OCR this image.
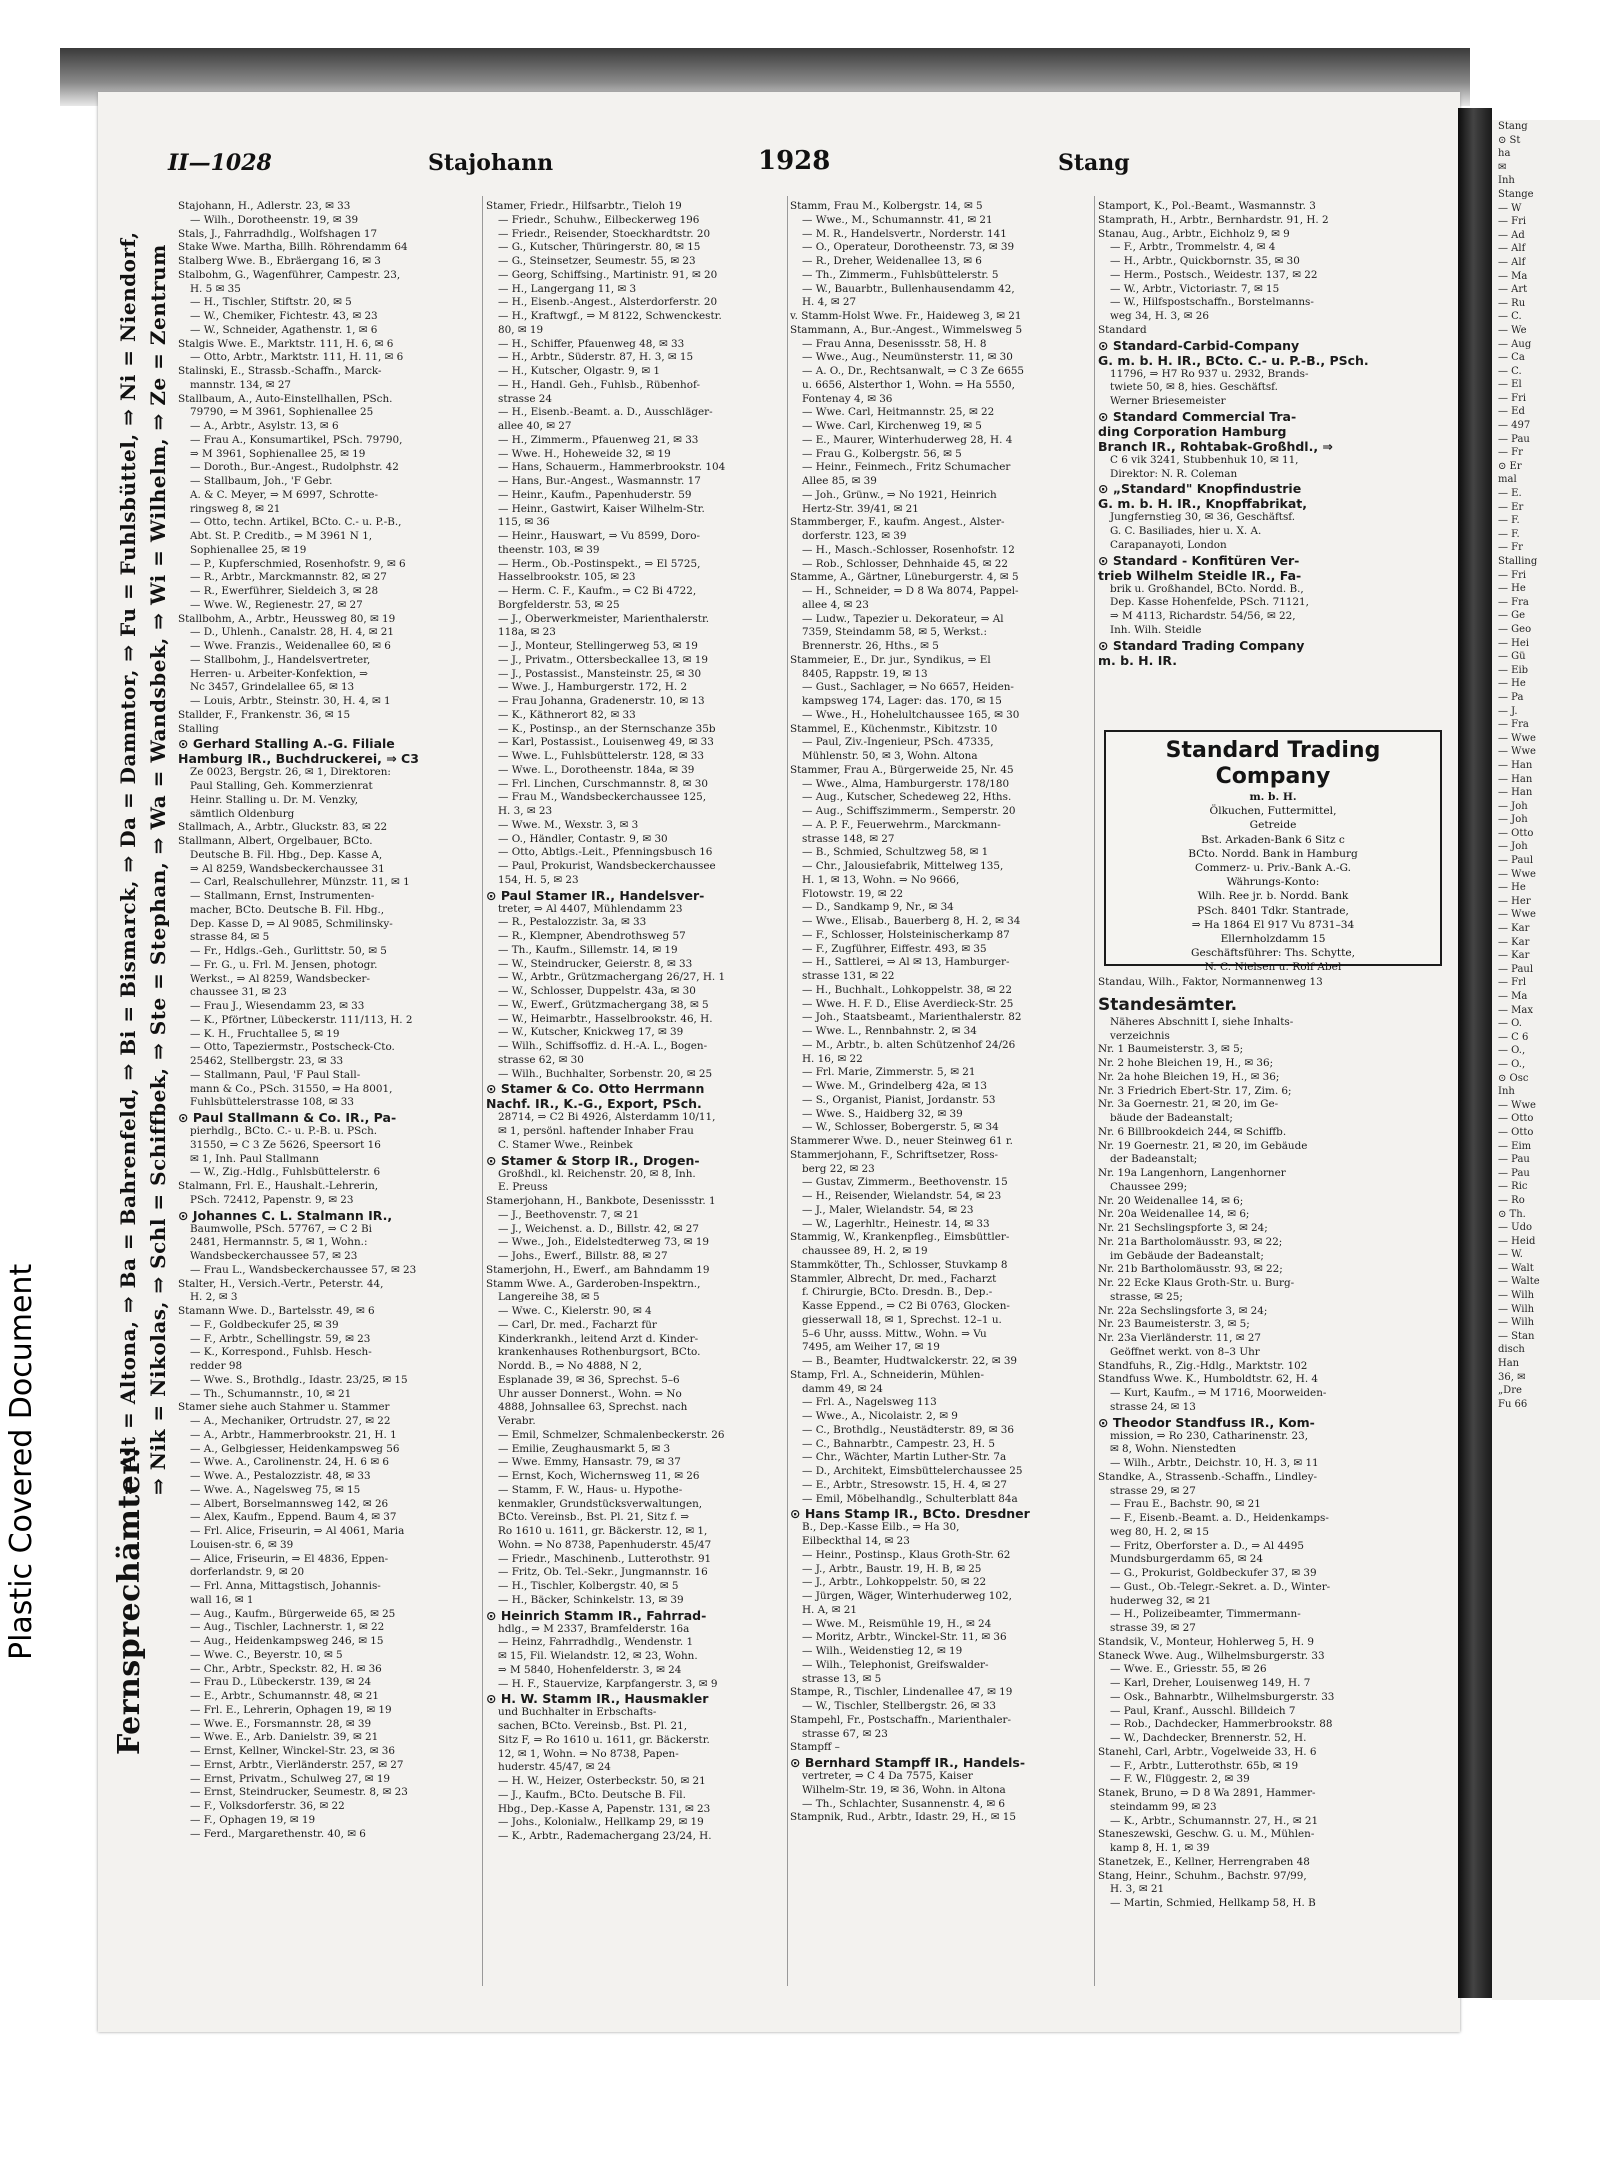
Stang
⊙ St
ha
✉
Inh
Stange
— W
— Fri
— Ad
— Alf
— Alf
— Ma
— Art
— Ru
— C.
— We
— Aug
— Ca
— C.
— El
— Fri
— Ed
— 497
— Pau
— Fr
⊙ Er
mal
— E.
— Er
— F.
— F.
— Fr
Stalling
— Fri
— He
— Fra
— Ge
— Geo
— Hei
— Gü
— Eib
— He
— Pa
— J.
— Fra
— Wwe
— Wwe
— Han
— Han
— Han
— Joh
— Joh
— Otto
— Joh
— Paul
— Wwe
— He
— Her
— Wwe
— Kar
— Kar
— Kar
— Paul
— Frl
— Ma
— Max
— O.
— C 6
— O.,
— O.,
⊙ Osc
Inh
— Wwe
— Otto
— Otto
— Eim
— Pau
— Pau
— Ric
— Ro
⊙ Th.
— Udo
— Heid
— W.
— Walt
— Walte
— Wilh
— Wilh
— Wilh
— Stan
disch
Han
36, ✉
„Dre
Fu 66
Plastic Covered Document Fernsprechämter:
⇒ Alt = Altona, ⇒ Ba = Bahrenfeld, ⇒ Bi = Bismarck, ⇒ Da = Dammtor, ⇒ Fu = Fuhlsbüttel, ⇒ Ni = Niendorf, ⇒ Nik = Nikolas, ⇒ Schl = Schiffbek, ⇒ Ste = Stephan, ⇒ Wa = Wandsbek, ⇒ Wi = Wilhelm, ⇒ Ze = Zentrum
II—1028	Stajohann	1928	Stang
Stajohann, H., Adlerstr. 23, ✉ 33
— Wilh., Dorotheenstr. 19, ✉ 39
Stals, J., Fahrradhdlg., Wolfshagen 17
Stake Wwe. Martha, Billh. Röhrendamm 64
Stalberg Wwe. B., Ebräergang 16, ✉ 3
Stalbohm, G., Wagenführer, Campestr. 23,
H. 5 ✉ 35
— H., Tischler, Stiftstr. 20, ✉ 5
— W., Chemiker, Fichtestr. 43, ✉ 23
— W., Schneider, Agathenstr. 1, ✉ 6
Stalgis Wwe. E., Marktstr. 111, H. 6, ✉ 6
— Otto, Arbtr., Marktstr. 111, H. 11, ✉ 6
Stalinski, E., Strassb.-Schaffn., Marck-
mannstr. 134, ✉ 27
Stallbaum, A., Auto-Einstellhallen, PSch.
79790, ⇒ M 3961, Sophienallee 25
— A., Arbtr., Asylstr. 13, ✉ 6
— Frau A., Konsumartikel, PSch. 79790,
⇒ M 3961, Sophienallee 25, ✉ 19
— Doroth., Bur.-Angest., Rudolphstr. 42
— Stallbaum, Joh., 'F Gebr.
A. & C. Meyer, ⇒ M 6997, Schrotte-
ringsweg 8, ✉ 21
— Otto, techn. Artikel, BCto. C.- u. P.-B.,
Abt. St. P. Creditb., ⇒ M 3961 N 1,
Sophienallee 25, ✉ 19
— P., Kupferschmied, Rosenhofstr. 9, ✉ 6
— R., Arbtr., Marckmannstr. 82, ✉ 27
— R., Ewerführer, Sieldeich 3, ✉ 28
— Wwe. W., Regienestr. 27, ✉ 27
Stallbohm, A., Arbtr., Heussweg 80, ✉ 19
— D., Uhlenh., Canalstr. 28, H. 4, ✉ 21
— Wwe. Franzis., Weidenallee 60, ✉ 6
— Stallbohm, J., Handelsvertreter,
Herren- u. Arbeiter-Konfektion, ⇒
Nc 3457, Grindelallee 65, ✉ 13
— Louis, Arbtr., Steinstr. 30, H. 4, ✉ 1
Stallder, F., Frankenstr. 36, ✉ 15
Stalling
⊙ Gerhard Stalling A.-G. Filiale
Hamburg IR., Buchdruckerei, ⇒ C3
Ze 0023, Bergstr. 26, ✉ 1, Direktoren:
Paul Stalling, Geh. Kommerzienrat
Heinr. Stalling u. Dr. M. Venzky,
sämtlich Oldenburg
Stallmach, A., Arbtr., Gluckstr. 83, ✉ 22
Stallmann, Albert, Orgelbauer, BCto.
Deutsche B. Fil. Hbg., Dep. Kasse A,
⇒ Al 8259, Wandsbeckerchaussee 31
— Carl, Realschullehrer, Münzstr. 11, ✉ 1
— Stallmann, Ernst, Instrumenten-
macher, BCto. Deutsche B. Fil. Hbg.,
Dep. Kasse D, ⇒ Al 9085, Schmilinsky-
strasse 84, ✉ 5
— Fr., Hdlgs.-Geh., Gurlittstr. 50, ✉ 5
— Fr. G., u. Frl. M. Jensen, photogr.
Werkst., ⇒ Al 8259, Wandsbecker-
chaussee 31, ✉ 23
— Frau J., Wiesendamm 23, ✉ 33
— K., Pförtner, Lübeckerstr. 111/113, H. 2
— K. H., Fruchtallee 5, ✉ 19
— Otto, Tapeziermstr., Postscheck-Cto.
25462, Stellbergstr. 23, ✉ 33
— Stallmann, Paul, 'F Paul Stall-
mann & Co., PSch. 31550, ⇒ Ha 8001,
Fuhlsbüttelerstrasse 108, ✉ 33
⊙ Paul Stallmann & Co. IR., Pa-
pierhdlg., BCto. C.- u. P.-B. u. PSch.
31550, ⇒ C 3 Ze 5626, Speersort 16
✉ 1, Inh. Paul Stallmann
— W., Zig.-Hdlg., Fuhlsbüttelerstr. 6
Stalmann, Frl. E., Haushalt.-Lehrerin,
PSch. 72412, Papenstr. 9, ✉ 23
⊙ Johannes C. L. Stalmann IR.,
Baumwolle, PSch. 57767, ⇒ C 2 Bi
2481, Hermannstr. 5, ✉ 1, Wohn.:
Wandsbeckerchaussee 57, ✉ 23
— Frau L., Wandsbeckerchaussee 57, ✉ 23
Stalter, H., Versich.-Vertr., Peterstr. 44,
H. 2, ✉ 3
Stamann Wwe. D., Bartelsstr. 49, ✉ 6
— F., Goldbeckufer 25, ✉ 39
— F., Arbtr., Schellingstr. 59, ✉ 23
— K., Korrespond., Fuhlsb. Hesch-
redder 98
— Wwe. S., Brothdlg., Idastr. 23/25, ✉ 15
— Th., Schumannstr., 10, ✉ 21
Stamer siehe auch Stahmer u. Stammer
— A., Mechaniker, Ortrudstr. 27, ✉ 22
— A., Arbtr., Hammerbrookstr. 21, H. 1
— A., Gelbgiesser, Heidenkampsweg 56
— Wwe. A., Carolinenstr. 24, H. 6 ✉ 6
— Wwe. A., Pestalozzistr. 48, ✉ 33
— Wwe. A., Nagelsweg 75, ✉ 15
— Albert, Borselmannsweg 142, ✉ 26
— Alex, Kaufm., Eppend. Baum 4, ✉ 37
— Frl. Alice, Friseurin, ⇒ Al 4061, Maria
Louisen-str. 6, ✉ 39
— Alice, Friseurin, ⇒ El 4836, Eppen-
dorferlandstr. 9, ✉ 20
— Frl. Anna, Mittagstisch, Johannis-
wall 16, ✉ 1
— Aug., Kaufm., Bürgerweide 65, ✉ 25
— Aug., Tischler, Lachnerstr. 1, ✉ 22
— Aug., Heidenkampsweg 246, ✉ 15
— Wwe. C., Beyerstr. 10, ✉ 5
— Chr., Arbtr., Speckstr. 82, H. ✉ 36
— Frau D., Lübeckerstr. 139, ✉ 24
— E., Arbtr., Schumannstr. 48, ✉ 21
— Frl. E., Lehrerin, Ophagen 19, ✉ 19
— Wwe. E., Forsmannstr. 28, ✉ 39
— Wwe. E., Arb. Danielstr. 39, ✉ 21
— Ernst, Kellner, Winckel-Str. 23, ✉ 36
— Ernst, Arbtr., Vierländerstr. 257, ✉ 27
— Ernst, Privatm., Schulweg 27, ✉ 19
— Ernst, Steindrucker, Seumestr. 8, ✉ 23
— F., Volksdorferstr. 36, ✉ 22
— F., Ophagen 19, ✉ 19
— Ferd., Margarethenstr. 40, ✉ 6
Stamer, Friedr., Hilfsarbtr., Tieloh 19
— Friedr., Schuhw., Eilbeckerweg 196
— Friedr., Reisender, Stoeckhardtstr. 20
— G., Kutscher, Thüringerstr. 80, ✉ 15
— G., Steinsetzer, Seumestr. 55, ✉ 23
— Georg, Schiffsing., Martinistr. 91, ✉ 20
— H., Langergang 11, ✉ 3
— H., Eisenb.-Angest., Alsterdorferstr. 20
— H., Kraftwgf., ⇒ M 8122, Schwenckestr.
80, ✉ 19
— H., Schiffer, Pfauenweg 48, ✉ 33
— H., Arbtr., Süderstr. 87, H. 3, ✉ 15
— H., Kutscher, Olgastr. 9, ✉ 1
— H., Handl. Geh., Fuhlsb., Rübenhof-
strasse 24
— H., Eisenb.-Beamt. a. D., Ausschläger-
allee 40, ✉ 27
— H., Zimmerm., Pfauenweg 21, ✉ 33
— Wwe. H., Hoheweide 32, ✉ 19
— Hans, Schauerm., Hammerbrookstr. 104
— Hans, Bur.-Angest., Wasmannstr. 17
— Heinr., Kaufm., Papenhuderstr. 59
— Heinr., Gastwirt, Kaiser Wilhelm-Str.
115, ✉ 36
— Heinr., Hauswart, ⇒ Vu 8599, Doro-
theenstr. 103, ✉ 39
— Herm., Ob.-Postinspekt., ⇒ El 5725,
Hasselbrookstr. 105, ✉ 23
— Herm. C. F., Kaufm., ⇒ C2 Bi 4722,
Borgfelderstr. 53, ✉ 25
— J., Oberwerkmeister, Marienthalerstr.
118a, ✉ 23
— J., Monteur, Stellingerweg 53, ✉ 19
— J., Privatm., Ottersbeckallee 13, ✉ 19
— J., Postassist., Mansteinstr. 25, ✉ 30
— Wwe. J., Hamburgerstr. 172, H. 2
— Frau Johanna, Gradenerstr. 10, ✉ 13
— K., Käthnerort 82, ✉ 33
— K., Postinsp., an der Sternschanze 35b
— Karl, Postassist., Louisenweg 49, ✉ 33
— Wwe. L., Fuhlsbüttelerstr. 128, ✉ 33
— Wwe. L., Dorotheenstr. 184a, ✉ 39
— Frl. Linchen, Curschmannstr. 8, ✉ 30
— Frau M., Wandsbeckerchaussee 125,
H. 3, ✉ 23
— Wwe. M., Wexstr. 3, ✉ 3
— O., Händler, Contastr. 9, ✉ 30
— Otto, Abtlgs.-Leit., Pfenningsbusch 16
— Paul, Prokurist, Wandsbeckerchaussee
154, H. 5, ✉ 23
⊙ Paul Stamer IR., Handelsver-
treter, ⇒ Al 4407, Mühlendamm 23
— R., Pestalozzistr. 3a, ✉ 33
— R., Klempner, Abendrothsweg 57
— Th., Kaufm., Sillemstr. 14, ✉ 19
— W., Steindrucker, Geierstr. 8, ✉ 33
— W., Arbtr., Grützmachergang 26/27, H. 1
— W., Schlosser, Duppelstr. 43a, ✉ 30
— W., Ewerf., Grützmachergang 38, ✉ 5
— W., Heimarbtr., Hasselbrookstr. 46, H.
— W., Kutscher, Knickweg 17, ✉ 39
— Wilh., Schiffsoffiz. d. H.-A. L., Bogen-
strasse 62, ✉ 30
— Wilh., Buchhalter, Sorbenstr. 20, ✉ 25
⊙ Stamer & Co. Otto Herrmann
Nachf. IR., K.-G., Export, PSch.
28714, ⇒ C2 Bi 4926, Alsterdamm 10/11,
✉ 1, persönl. haftender Inhaber Frau
C. Stamer Wwe., Reinbek
⊙ Stamer & Storp IR., Drogen-
Großhdl., kl. Reichenstr. 20, ✉ 8, Inh.
E. Preuss
Stamerjohann, H., Bankbote, Desenissstr. 1
— J., Beethovenstr. 7, ✉ 21
— J., Weichenst. a. D., Billstr. 42, ✉ 27
— Wwe., Joh., Eidelstedterweg 73, ✉ 19
— Johs., Ewerf., Billstr. 88, ✉ 27
Stamerjohn, H., Ewerf., am Bahndamm 19
Stamm Wwe. A., Garderoben-Inspektrn.,
Langereihe 38, ✉ 5
— Wwe. C., Kielerstr. 90, ✉ 4
— Carl, Dr. med., Facharzt für
Kinderkrankh., leitend Arzt d. Kinder-
krankenhauses Rothenburgsort, BCto.
Nordd. B., ⇒ No 4888, N 2,
Esplanade 39, ✉ 36, Sprechst. 5–6
Uhr ausser Donnerst., Wohn. ⇒ No
4888, Johnsallee 63, Sprechst. nach
Verabr.
— Emil, Schmelzer, Schmalenbeckerstr. 26
— Emilie, Zeughausmarkt 5, ✉ 3
— Wwe. Emmy, Hansastr. 79, ✉ 37
— Ernst, Koch, Wichernsweg 11, ✉ 26
— Stamm, F. W., Haus- u. Hypothe-
kenmakler, Grundstücksverwaltungen,
BCto. Vereinsb., Bst. Pl. 21, Sitz f. ⇒
Ro 1610 u. 1611, gr. Bäckerstr. 12, ✉ 1,
Wohn. ⇒ No 8738, Papenhuderstr. 45/47
— Friedr., Maschinenb., Lutterothstr. 91
— Fritz, Ob. Tel.-Sekr., Jungmannstr. 16
— H., Tischler, Kolbergstr. 40, ✉ 5
— H., Bäcker, Schinkelstr. 13, ✉ 39
⊙ Heinrich Stamm IR., Fahrrad-
hdlg., ⇒ M 2337, Bramfelderstr. 16a
— Heinz, Fahrradhdlg., Wendenstr. 1
✉ 15, Fil. Wielandstr. 12, ✉ 23, Wohn.
⇒ M 5840, Hohenfelderstr. 3, ✉ 24
— H. F., Stauervize, Karpfangerstr. 3, ✉ 9
⊙ H. W. Stamm IR., Hausmakler
und Buchhalter in Erbschafts-
sachen, BCto. Vereinsb., Bst. Pl. 21,
Sitz F, ⇒ Ro 1610 u. 1611, gr. Bäckerstr.
12, ✉ 1, Wohn. ⇒ No 8738, Papen-
huderstr. 45/47, ✉ 24
— H. W., Heizer, Osterbeckstr. 50, ✉ 21
— J., Kaufm., BCto. Deutsche B. Fil.
Hbg., Dep.-Kasse A, Papenstr. 131, ✉ 23
— Johs., Kolonialw., Hellkamp 29, ✉ 19
— K., Arbtr., Rademachergang 23/24, H.
Stamm, Frau M., Kolbergstr. 14, ✉ 5
— Wwe., M., Schumannstr. 41, ✉ 21
— M. R., Handelsvertr., Norderstr. 141
— O., Operateur, Dorotheenstr. 73, ✉ 39
— R., Dreher, Weidenallee 13, ✉ 6
— Th., Zimmerm., Fuhlsbüttelerstr. 5
— W., Bauarbtr., Bullenhausendamm 42,
H. 4, ✉ 27
v. Stamm-Holst Wwe. Fr., Haideweg 3, ✉ 21
Stammann, A., Bur.-Angest., Wimmelsweg 5
— Frau Anna, Desenissstr. 58, H. 8
— Wwe., Aug., Neumünsterstr. 11, ✉ 30
— A. O., Dr., Rechtsanwalt, ⇒ C 3 Ze 6655
u. 6656, Alsterthor 1, Wohn. ⇒ Ha 5550,
Fontenay 4, ✉ 36
— Wwe. Carl, Heitmannstr. 25, ✉ 22
— Wwe. Carl, Kirchenweg 19, ✉ 5
— E., Maurer, Winterhuderweg 28, H. 4
— Frau G., Kolbergstr. 56, ✉ 5
— Heinr., Feinmech., Fritz Schumacher
Allee 85, ✉ 39
— Joh., Grünw., ⇒ No 1921, Heinrich
Hertz-Str. 39/41, ✉ 21
Stammberger, F., kaufm. Angest., Alster-
dorferstr. 123, ✉ 39
— H., Masch.-Schlosser, Rosenhofstr. 12
— Rob., Schlosser, Dehnhaide 45, ✉ 22
Stamme, A., Gärtner, Lüneburgerstr. 4, ✉ 5
— H., Schneider, ⇒ D 8 Wa 8074, Pappel-
allee 4, ✉ 23
— Ludw., Tapezier u. Dekorateur, ⇒ Al
7359, Steindamm 58, ✉ 5, Werkst.:
Brennerstr. 26, Hths., ✉ 5
Stammeier, E., Dr. jur., Syndikus, ⇒ El
8405, Rappstr. 19, ✉ 13
— Gust., Sachlager, ⇒ No 6657, Heiden-
kampsweg 174, Lager: das. 170, ✉ 15
— Wwe., H., Hohelultchaussee 165, ✉ 30
Stammel, E., Küchenmstr., Kibitzstr. 10
— Paul, Ziv.-Ingenieur, PSch. 47335,
Mühlenstr. 50, ✉ 3, Wohn. Altona
Stammer, Frau A., Bürgerweide 25, Nr. 45
— Wwe., Alma, Hamburgerstr. 178/180
— Aug., Kutscher, Schedeweg 22, Hths.
— Aug., Schiffszimmerm., Semperstr. 20
— A. P. F., Feuerwehrm., Marckmann-
strasse 148, ✉ 27
— B., Schmied, Schultzweg 58, ✉ 1
— Chr., Jalousiefabrik, Mittelweg 135,
H. 1, ✉ 13, Wohn. ⇒ No 9666,
Flotowstr. 19, ✉ 22
— D., Sandkamp 9, Nr., ✉ 34
— Wwe., Elisab., Bauerberg 8, H. 2, ✉ 34
— F., Schlosser, Holsteinischerkamp 87
— F., Zugführer, Eiffestr. 493, ✉ 35
— H., Sattlerei, ⇒ Al ✉ 13, Hamburger-
strasse 131, ✉ 22
— H., Buchhalt., Lohkoppelstr. 38, ✉ 22
— Wwe. H. F. D., Elise Averdieck-Str. 25
— Joh., Staatsbeamt., Marienthalerstr. 82
— Wwe. L., Rennbahnstr. 2, ✉ 34
— M., Arbtr., b. alten Schützenhof 24/26
H. 16, ✉ 22
— Frl. Marie, Zimmerstr. 5, ✉ 21
— Wwe. M., Grindelberg 42a, ✉ 13
— S., Organist, Pianist, Jordanstr. 53
— Wwe. S., Haidberg 32, ✉ 39
— W., Schlosser, Bobergerstr. 5, ✉ 34
Stammerer Wwe. D., neuer Steinweg 61 r.
Stammerjohann, F., Schriftsetzer, Ross-
berg 22, ✉ 23
— Gustav, Zimmerm., Beethovenstr. 15
— H., Reisender, Wielandstr. 54, ✉ 23
— J., Maler, Wielandstr. 54, ✉ 23
— W., Lagerhltr., Heinestr. 14, ✉ 33
Stammig, W., Krankenpfleg., Eimsbüttler-
chaussee 89, H. 2, ✉ 19
Stammkötter, Th., Schlosser, Stuvkamp 8
Stammler, Albrecht, Dr. med., Facharzt
f. Chirurgie, BCto. Dresdn. B., Dep.-
Kasse Eppend., ⇒ C2 Bi 0763, Glocken-
giesserwall 18, ✉ 1, Sprechst. 12–1 u.
5–6 Uhr, ausss. Mittw., Wohn. ⇒ Vu
7495, am Weiher 17, ✉ 19
— B., Beamter, Hudtwalckerstr. 22, ✉ 39
Stamp, Frl. A., Schneiderin, Mühlen-
damm 49, ✉ 24
— Frl. A., Nagelsweg 113
— Wwe., A., Nicolaistr. 2, ✉ 9
— C., Brothdlg., Neustädterstr. 89, ✉ 36
— C., Bahnarbtr., Campestr. 23, H. 5
— Chr., Wächter, Martin Luther-Str. 7a
— D., Architekt, Eimsbüttelerchaussee 25
— E., Arbtr., Stresowstr. 15, H. 4, ✉ 27
— Emil, Möbelhandlg., Schulterblatt 84a
⊙ Hans Stamp IR., BCto. Dresdner
B., Dep.-Kasse Eilb., ⇒ Ha 30,
Eilbeckthal 14, ✉ 23
— Heinr., Postinsp., Klaus Groth-Str. 62
— J., Arbtr., Baustr. 19, H. B, ✉ 25
— J., Arbtr., Lohkoppelstr. 50, ✉ 22
— Jürgen, Wäger, Winterhuderweg 102,
H. A, ✉ 21
— Wwe. M., Reismühle 19, H., ✉ 24
— Moritz, Arbtr., Winckel-Str. 11, ✉ 36
— Wilh., Weidenstieg 12, ✉ 19
— Wilh., Telephonist, Greifswalder-
strasse 13, ✉ 5
Stampe, R., Tischler, Lindenallee 47, ✉ 19
— W., Tischler, Stellbergstr. 26, ✉ 33
Stampehl, Fr., Postschaffn., Marienthaler-
strasse 67, ✉ 23
Stampff –
⊙ Bernhard Stampff IR., Handels-
vertreter, ⇒ C 4 Da 7575, Kaiser
Wilhelm-Str. 19, ✉ 36, Wohn. in Altona
— Th., Schlachter, Susannenstr. 4, ✉ 6
Stampnik, Rud., Arbtr., Idastr. 29, H., ✉ 15
Stamport, K., Pol.-Beamt., Wasmannstr. 3
Stamprath, H., Arbtr., Bernhardstr. 91, H. 2
Stanau, Aug., Arbtr., Eichholz 9, ✉ 9
— F., Arbtr., Trommelstr. 4, ✉ 4
— H., Arbtr., Quickbornstr. 35, ✉ 30
— Herm., Postsch., Weidestr. 137, ✉ 22
— W., Arbtr., Victoriastr. 7, ✉ 15
— W., Hilfspostschaffn., Borstelmanns-
weg 34, H. 3, ✉ 26
Standard
⊙ Standard-Carbid-Company
G. m. b. H. IR., BCto. C.- u. P.-B., PSch.
11796, ⇒ H7 Ro 937 u. 2932, Brands-
twiete 50, ✉ 8, hies. Geschäftsf.
Werner Briesemeister
⊙ Standard Commercial Tra-
ding Corporation Hamburg
Branch IR., Rohtabak-Großhdl., ⇒
C 6 vik 3241, Stubbenhuk 10, ✉ 11,
Direktor: N. R. Coleman
⊙ „Standard" Knopfindustrie
G. m. b. H. IR., Knopffabrikat,
Jungfernstieg 30, ✉ 36, Geschäftsf.
G. C. Basiliades, hier u. X. A.
Carapanayoti, London
⊙ Standard - Konfitüren Ver-
trieb Wilhelm Steidle IR., Fa-
brik u. Großhandel, BCto. Nordd. B.,
Dep. Kasse Hohenfelde, PSch. 71121,
⇒ M 4113, Richardstr. 54/56, ✉ 22,
Inh. Wilh. Steidle
⊙ Standard Trading Company
m. b. H. IR.
Standau, Wilh., Faktor, Normannenweg 13
Standesämter.
Näheres Abschnitt I, siehe Inhalts-
verzeichnis
Nr. 1 Baumeisterstr. 3, ✉ 5;
Nr. 2 hohe Bleichen 19, H., ✉ 36;
Nr. 2a hohe Bleichen 19, H., ✉ 36;
Nr. 3 Friedrich Ebert-Str. 17, Zim. 6;
Nr. 3a Goernestr. 21, ✉ 20, im Ge-
bäude der Badeanstalt;
Nr. 6 Billbrookdeich 244, ✉ Schiffb.
Nr. 19 Goernestr. 21, ✉ 20, im Gebäude
der Badeanstalt;
Nr. 19a Langenhorn, Langenhorner
Chaussee 299;
Nr. 20 Weidenallee 14, ✉ 6;
Nr. 20a Weidenallee 14, ✉ 6;
Nr. 21 Sechslingspforte 3, ✉ 24;
Nr. 21a Bartholomäusstr. 93, ✉ 22;
im Gebäude der Badeanstalt;
Nr. 21b Bartholomäusstr. 93, ✉ 22;
Nr. 22 Ecke Klaus Groth-Str. u. Burg-
strasse, ✉ 25;
Nr. 22a Sechslingsforte 3, ✉ 24;
Nr. 23 Baumeisterstr. 3, ✉ 5;
Nr. 23a Vierländerstr. 11, ✉ 27
Geöffnet werkt. von 8–3 Uhr
Standfuhs, R., Zig.-Hdlg., Marktstr. 102
Standfuss Wwe. K., Humboldtstr. 62, H. 4
— Kurt, Kaufm., ⇒ M 1716, Moorweiden-
strasse 24, ✉ 13
⊙ Theodor Standfuss IR., Kom-
mission, ⇒ Ro 230, Catharinenstr. 23,
✉ 8, Wohn. Nienstedten
— Wilh., Arbtr., Deichstr. 10, H. 3, ✉ 11
Standke, A., Strassenb.-Schaffn., Lindley-
strasse 29, ✉ 27
— Frau E., Bachstr. 90, ✉ 21
— F., Eisenb.-Beamt. a. D., Heidenkamps-
weg 80, H. 2, ✉ 15
— Fritz, Oberforster a. D., ⇒ Al 4495
Mundsburgerdamm 65, ✉ 24
— G., Prokurist, Goldbeckufer 37, ✉ 39
— Gust., Ob.-Telegr.-Sekret. a. D., Winter-
huderweg 32, ✉ 21
— H., Polizeibeamter, Timmermann-
strasse 39, ✉ 27
Standsik, V., Monteur, Hohlerweg 5, H. 9
Staneck Wwe. Aug., Wilhelmsburgerstr. 33
— Wwe. E., Griesstr. 55, ✉ 26
— Karl, Dreher, Louisenweg 149, H. 7
— Osk., Bahnarbtr., Wilhelmsburgerstr. 33
— Paul, Kranf., Ausschl. Billdeich 7
— Rob., Dachdecker, Hammerbrookstr. 88
— W., Dachdecker, Brennerstr. 52, H.
Stanehl, Carl, Arbtr., Vogelweide 33, H. 6
— F., Arbtr., Lutterothstr. 65b, ✉ 19
— F. W., Flüggestr. 2, ✉ 39
Stanek, Bruno, ⇒ D 8 Wa 2891, Hammer-
steindamm 99, ✉ 23
— K., Arbtr., Schumannstr. 27, H., ✉ 21
Staneszewski, Geschw. G. u. M., Mühlen-
kamp 8, H. 1, ✉ 39
Stanetzek, E., Kellner, Herrengraben 48
Stang, Heinr., Schuhm., Bachstr. 97/99,
H. 3, ✉ 21
— Martin, Schmied, Hellkamp 58, H. B
Standard Trading Company
m. b. H.
Ölkuchen, Futtermittel,
Getreide
Bst. Arkaden-Bank 6 Sitz c
BCto. Nordd. Bank in Hamburg
Commerz- u. Priv.-Bank A.-G.
Währungs-Konto:
Wilh. Ree jr. b. Nordd. Bank
PSch. 8401 Tdkr. Stantrade,
⇒ Ha 1864 El 917 Vu 8731–34
Ellernholzdamm 15
Geschäftsführer: Ths. Schytte,
N. C. Nielsen u. Rolf Abel
